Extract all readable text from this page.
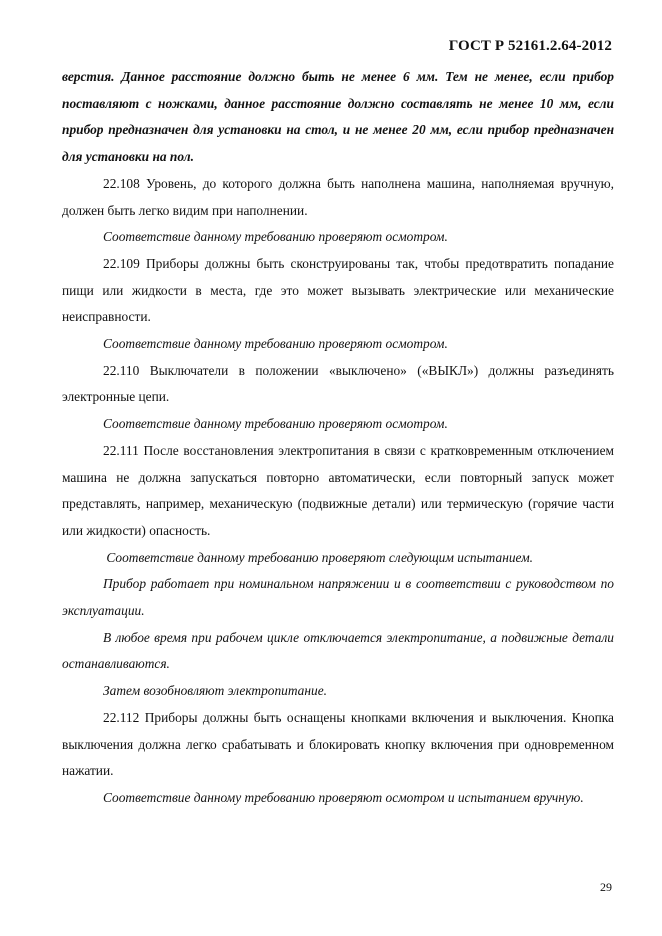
ГОСТ Р 52161.2.64-2012

верстия. Данное расстояние должно быть не менее 6 мм. Тем не менее, если прибор поставляют с ножками, данное расстояние должно составлять не менее 10 мм, если прибор предназначен для установки на стол, и не менее 20 мм, если прибор предназначен для установки на пол.

22.108 Уровень, до которого должна быть наполнена машина, наполняемая вручную, должен быть легко видим при наполнении.

Соответствие данному требованию проверяют осмотром.

22.109 Приборы должны быть сконструированы так, чтобы предотвратить попадание пищи или жидкости в места, где это может вызывать электрические или механические неисправности.

Соответствие данному требованию проверяют осмотром.

22.110 Выключатели в положении «выключено» («ВЫКЛ») должны разъединять электронные цепи.

Соответствие данному требованию проверяют осмотром.

22.111 После восстановления электропитания в связи с кратковременным отключением машина не должна запускаться повторно автоматически, если повторный запуск может представлять, например, механическую (подвижные детали) или термическую (горячие части или жидкости) опасность.

Соответствие данному требованию проверяют следующим испытанием.

Прибор работает при номинальном напряжении и в соответствии с руководством по эксплуатации.

В любое время при рабочем цикле отключается электропитание, а подвижные детали останавливаются.

Затем возобновляют электропитание.

22.112 Приборы должны быть оснащены кнопками включения и выключения. Кнопка выключения должна легко срабатывать и блокировать кнопку включения при одновременном нажатии.

Соответствие данному требованию проверяют осмотром и испытанием вручную.

29
